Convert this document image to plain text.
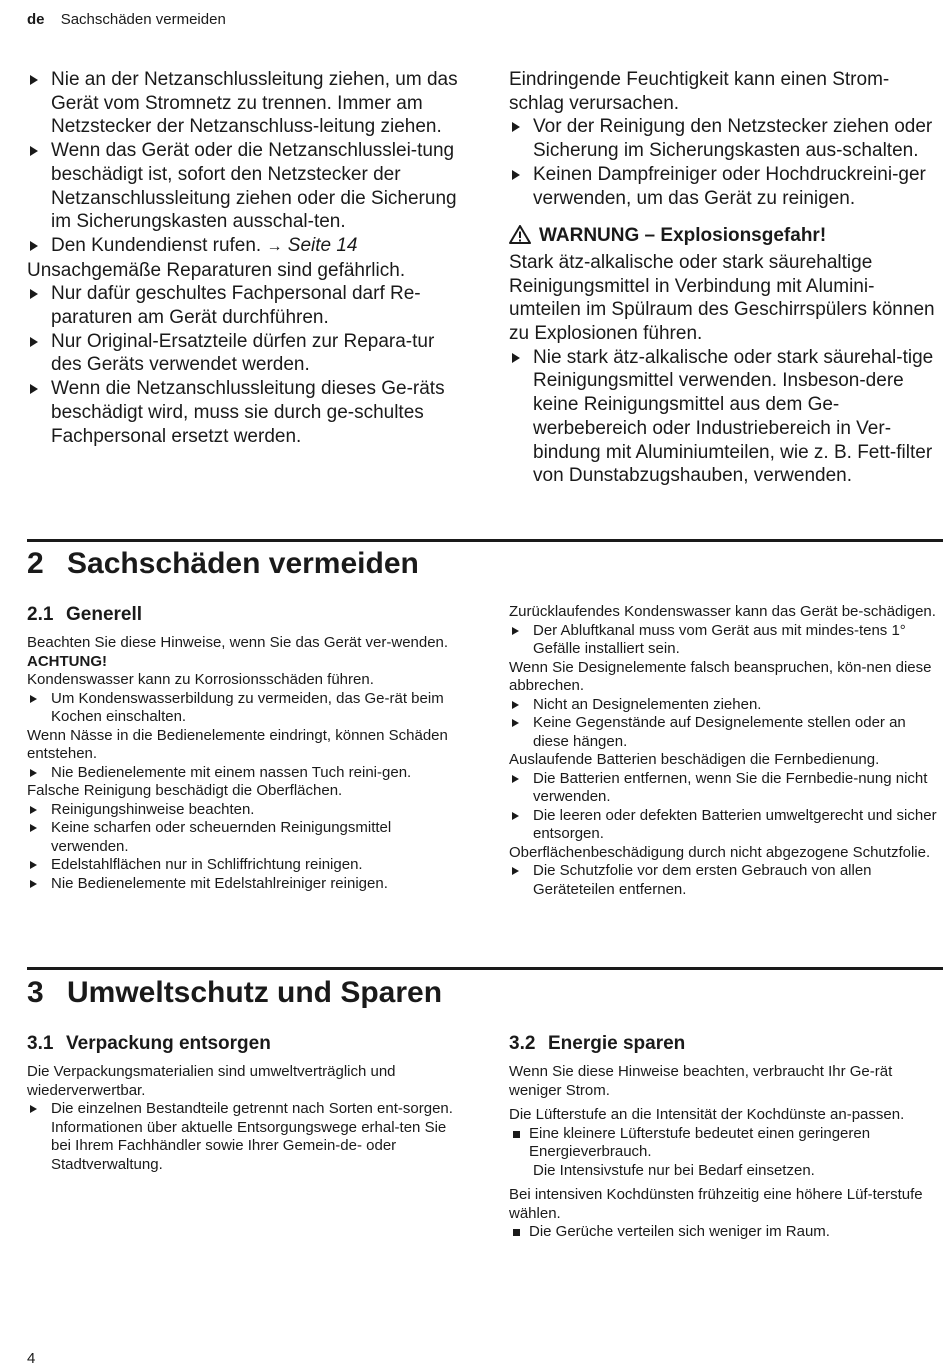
de Sachschäden vermeiden
Nie an der Netzanschlussleitung ziehen, um das Gerät vom Stromnetz zu trennen. Immer am Netzstecker der Netzanschluss-leitung ziehen.
Wenn das Gerät oder die Netzanschlusslei-tung beschädigt ist, sofort den Netzstecker der Netzanschlussleitung ziehen oder die Sicherung im Sicherungskasten ausschal-ten.
Den Kundendienst rufen. → Seite 14
Unsachgemäße Reparaturen sind gefährlich.
Nur dafür geschultes Fachpersonal darf Re-paraturen am Gerät durchführen.
Nur Original-Ersatzteile dürfen zur Repara-tur des Geräts verwendet werden.
Wenn die Netzanschlussleitung dieses Ge-räts beschädigt wird, muss sie durch ge-schultes Fachpersonal ersetzt werden.
Eindringende Feuchtigkeit kann einen Strom-schlag verursachen.
Vor der Reinigung den Netzstecker ziehen oder Sicherung im Sicherungskasten aus-schalten.
Keinen Dampfreiniger oder Hochdruckreini-ger verwenden, um das Gerät zu reinigen.
WARNUNG – Explosionsgefahr!
Stark ätz-alkalische oder stark säurehaltige Reinigungsmittel in Verbindung mit Alumini-umteilen im Spülraum des Geschirrspülers können zu Explosionen führen.
Nie stark ätz-alkalische oder stark säurehal-tige Reinigungsmittel verwenden. Insbeson-dere keine Reinigungsmittel aus dem Ge-werbebereich oder Industriebereich in Ver-bindung mit Aluminiumteilen, wie z. B. Fett-filter von Dunstabzugshauben, verwenden.
2 Sachschäden vermeiden
2.1 Generell
Beachten Sie diese Hinweise, wenn Sie das Gerät ver-wenden.
ACHTUNG!
Kondenswasser kann zu Korrosionsschäden führen.
Um Kondenswasserbildung zu vermeiden, das Ge-rät beim Kochen einschalten.
Wenn Nässe in die Bedienelemente eindringt, können Schäden entstehen.
Nie Bedienelemente mit einem nassen Tuch reini-gen.
Falsche Reinigung beschädigt die Oberflächen.
Reinigungshinweise beachten.
Keine scharfen oder scheuernden Reinigungsmittel verwenden.
Edelstahlflächen nur in Schliffrichtung reinigen.
Nie Bedienelemente mit Edelstahlreiniger reinigen.
Zurücklaufendes Kondenswasser kann das Gerät be-schädigen.
Der Abluftkanal muss vom Gerät aus mit mindes-tens 1° Gefälle installiert sein.
Wenn Sie Designelemente falsch beanspruchen, kön-nen diese abbrechen.
Nicht an Designelementen ziehen.
Keine Gegenstände auf Designelemente stellen oder an diese hängen.
Auslaufende Batterien beschädigen die Fernbedienung.
Die Batterien entfernen, wenn Sie die Fernbedie-nung nicht verwenden.
Die leeren oder defekten Batterien umweltgerecht und sicher entsorgen.
Oberflächenbeschädigung durch nicht abgezogene Schutzfolie.
Die Schutzfolie vor dem ersten Gebrauch von allen Geräteteilen entfernen.
3 Umweltschutz und Sparen
3.1 Verpackung entsorgen
Die Verpackungsmaterialien sind umweltverträglich und wiederverwertbar.
Die einzelnen Bestandteile getrennt nach Sorten ent-sorgen.
Informationen über aktuelle Entsorgungswege erhal-ten Sie bei Ihrem Fachhändler sowie Ihrer Gemein-de- oder Stadtverwaltung.
3.2 Energie sparen
Wenn Sie diese Hinweise beachten, verbraucht Ihr Ge-rät weniger Strom.
Die Lüfterstufe an die Intensität der Kochdünste an-passen.
Eine kleinere Lüfterstufe bedeutet einen geringeren Energieverbrauch.
Die Intensivstufe nur bei Bedarf einsetzen.
Bei intensiven Kochdünsten frühzeitig eine höhere Lüf-terstufe wählen.
Die Gerüche verteilen sich weniger im Raum.
4
